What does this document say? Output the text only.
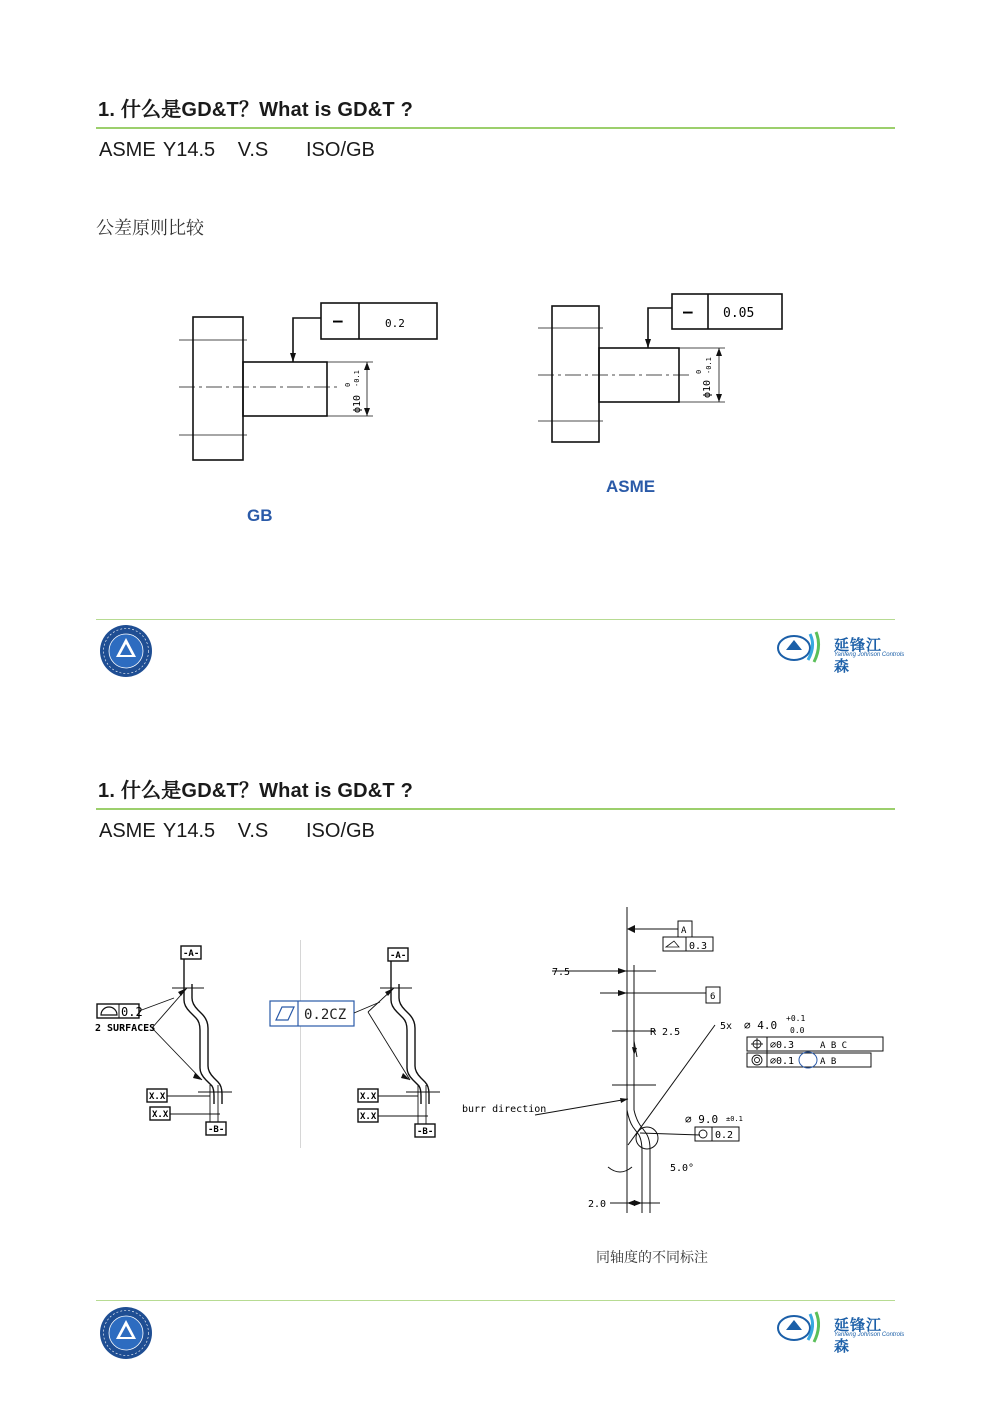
1. 什么是GD&T？What is GD&T ?
ASME Y14.5   V.S     ISO/GB
公差原则比较
—	0.2
ϕ10
0 -0.1
GB
— 0.05
ϕ10
0 -0.1
ASME
延锋江森
Yanfeng Johnson Controls
1. 什么是GD&T？What is GD&T ?
ASME Y14.5   V.S     ISO/GB
0.2
2 SURFACES
-A-
-B-
X.X
X.X
0.2CZ
-A-
-B-
X.X
X.X
A
0.3
7.5
6
R 2.5
5x ∅ 4.0
+0.1
0.0
∅0.3	A B C
∅0.1	A B
burr direction
∅ 9.0 ±0.1
0.2
5.0°
2.0
同轴度的不同标注
延锋江森
Yanfeng Johnson Controls
